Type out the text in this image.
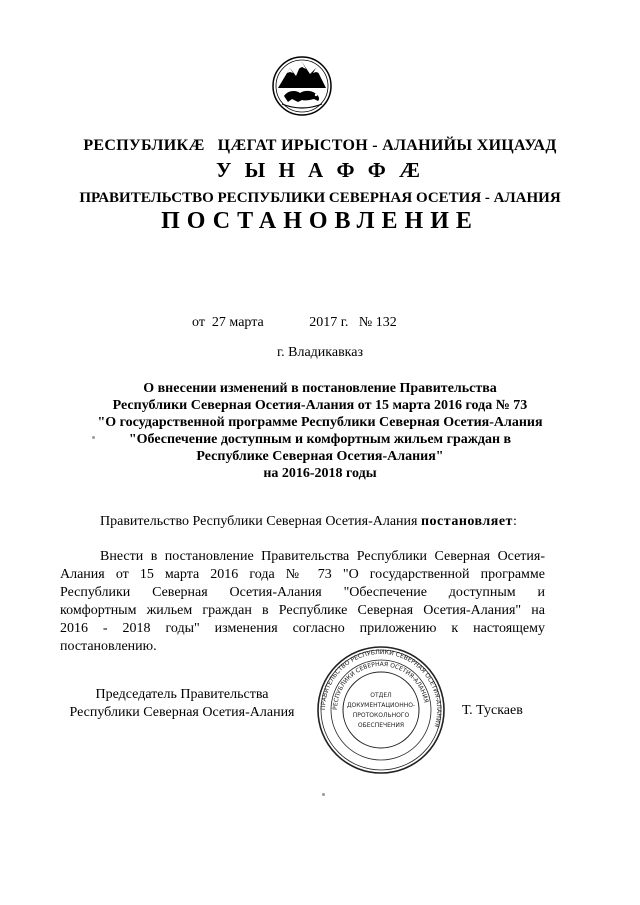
РЕСПУБЛИКӔ   ЦӔГАТ ИРЫСТОН - АЛАНИЙЫ ХИЦАУАД
У Ы Н А Ф Ф Ӕ
ПРАВИТЕЛЬСТВО РЕСПУБЛИКИ СЕВЕРНАЯ ОСЕТИЯ - АЛАНИЯ
ПОСТАНОВЛЕНИЕ
от  27 марта             2017 г.   № 132
г. Владикавказ
О внесении изменений в постановление Правительства
Республики Северная Осетия-Алания от 15 марта 2016 года № 73
"О государственной программе Республики Северная Осетия-Алания
"Обеспечение доступным и комфортным жильем граждан в
Республике Северная Осетия-Алания"
на 2016-2018 годы
Правительство Республики Северная Осетия-Алания постановляет:
Внести в постановление Правительства Республики Северная Осетия-
Алания от 15 марта 2016 года № 73 "О государственной программе
Республики Северная Осетия-Алания "Обеспечение доступным и
комфортным жильем граждан в Республике Северная Осетия-Алания" на
2016 - 2018 годы" изменения согласно приложению к настоящему
постановлению.
ПРАВИТЕЛЬСТВО РЕСПУБЛИКИ СЕВЕРНАЯ ОСЕТИЯ-АЛАНИЯ
РЕСПУБЛИКИ СЕВЕРНАЯ ОСЕТИЯ-АЛАНИЯ
ОТДЕЛ
ДОКУМЕНТАЦИОННО-
ПРОТОКОЛЬНОГО
ОБЕСПЕЧЕНИЯ
Председатель Правительства
Республики Северная Осетия-Алания	Т. Тускаев
